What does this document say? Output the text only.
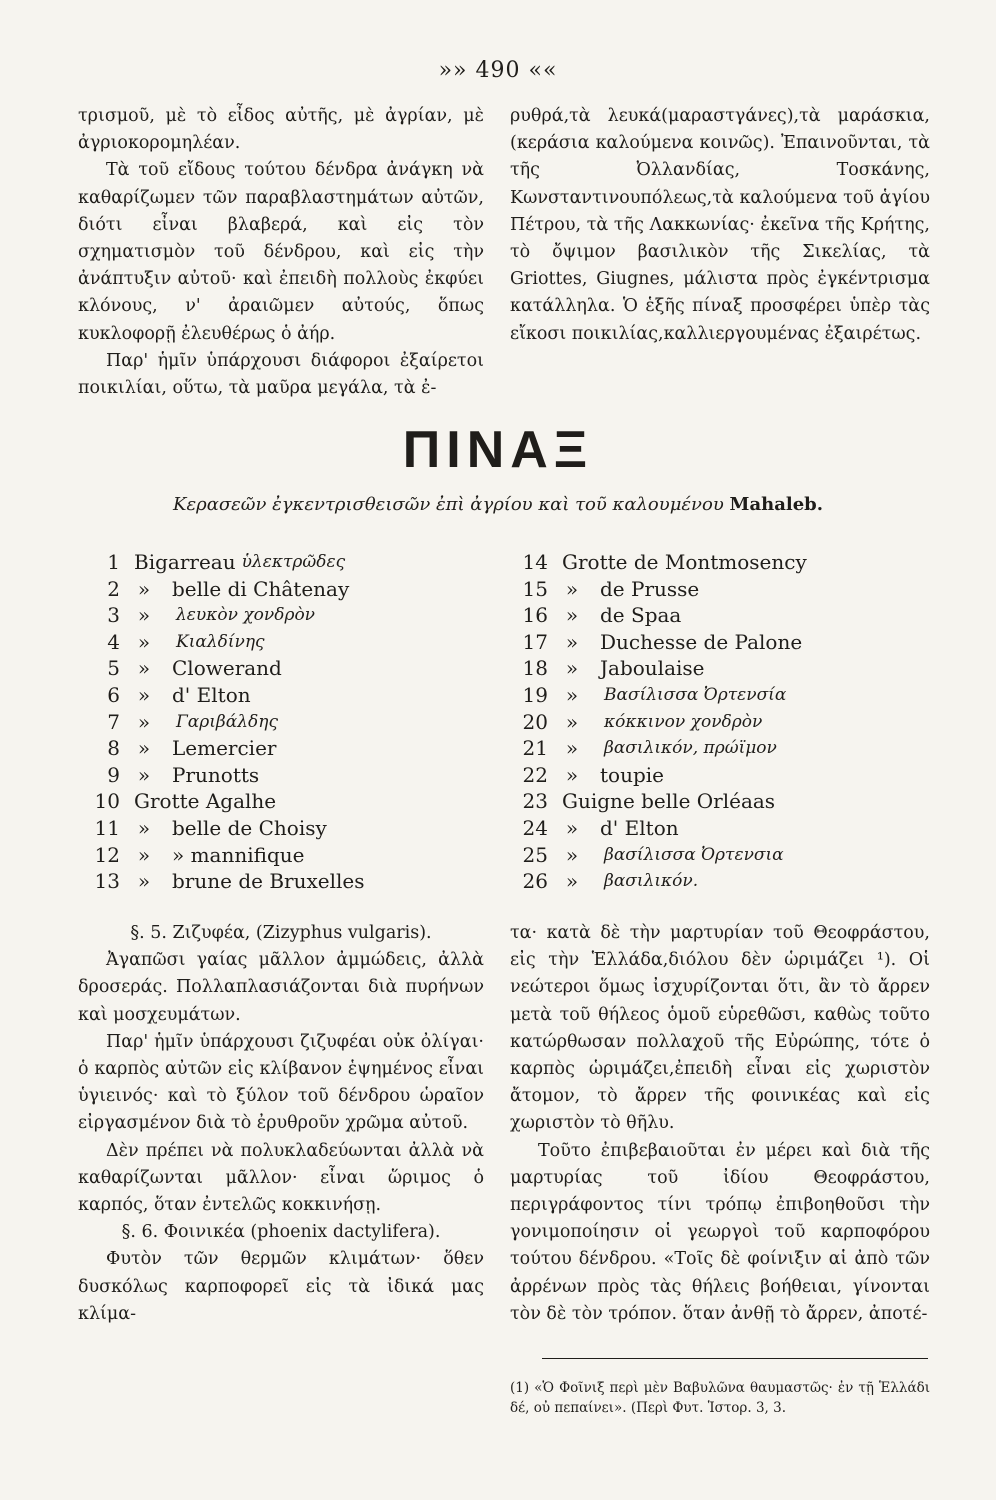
»» 490 ««

τρισμοῦ, μὲ τὸ εἶδος αὐτῆς, μὲ ἀγρίαν, μὲ ἀγριοκορομηλέαν.

Τὰ τοῦ εἴδους τούτου δένδρα ἀνάγκη νὰ καθαρίζωμεν τῶν παραβλαστημάτων αὐτῶν, διότι εἶναι βλαβερά, καὶ εἰς τὸν σχηματισμὸν τοῦ δένδρου, καὶ εἰς τὴν ἀνάπτυξιν αὐτοῦ· καὶ ἐπειδὴ πολλοὺς ἐκφύει κλόνους, ν' ἀραιῶμεν αὐτούς, ὅπως κυκλοφορῇ ἐλευθέρως ὁ ἀήρ.

Παρ' ἡμῖν ὑπάρχουσι διάφοροι ἐξαίρετοι ποικιλίαι, οὕτω, τὰ μαῦρα μεγάλα, τὰ ἐ-

ρυθρά,τὰ λευκά(μαραστγάνες),τὰ μαράσκια, (κεράσια καλούμενα κοινῶς). Ἐπαινοῦνται, τὰ τῆς Ὀλλανδίας, Τοσκάνης, Κωνσταντινουπόλεως,τὰ καλούμενα τοῦ ἁγίου Πέτρου, τὰ τῆς Λακκωνίας· ἐκεῖνα τῆς Κρήτης, τὸ ὄψιμον βασιλικὸν τῆς Σικελίας, τὰ Griottes, Giugnes, μάλιστα πρὸς ἐγκέντρισμα κατάλληλα. Ὁ ἑξῆς πίναξ προσφέρει ὑπὲρ τὰς εἴκοσι ποικιλίας,καλλιεργουμένας ἐξαιρέτως.

ΠΙΝΑΞ
Κερασεῶν ἐγκεντρισθεισῶν ἐπὶ ἀγρίου καὶ τοῦ καλουμένου Mahaleb.
1 Bigarreau ὑλεκτρῶδες
2 »	belle di Châtenay
3 »	λευκὸν χονδρὸν
4 »	Κιαλδίνης
5 »	Clowerand
6 »	d' Elton
7 »	Γαριβάλδης
8 »	Lemercier
9 »	Prunotts
10 Grotte Agalhe
11 »	belle de Choisy
12 »	» mannifique
13 »	brune de Bruxelles
14 Grotte de Montmosency
15 »	de Prusse
16 »	de Spaa
17 »	Duchesse de Palone
18 »	Jaboulaise
19 »	Βασίλισσα Ὀρτενσία
20 »	κόκκινον χονδρὸν
21 »	βασιλικόν, πρώϊμον
22 »	toupie
23 Guigne belle Orléaas
24 »	d' Elton
25 »	βασίλισσα Ὀρτενσια
26 »	βασιλικόν.

§. 5. Ζιζυφέα, (Zizyphus vulgaris).

Ἀγαπῶσι γαίας μᾶλλον ἀμμώδεις, ἀλλὰ δροσεράς. Πολλαπλασιάζονται διὰ πυρήνων καὶ μοσχευμάτων.

Παρ' ἡμῖν ὑπάρχουσι ζιζυφέαι οὐκ ὀλίγαι· ὁ καρπὸς αὐτῶν εἰς κλίβανον ἑψημένος εἶναι ὑγιεινός· καὶ τὸ ξύλον τοῦ δένδρου ὡραῖον εἰργασμένον διὰ τὸ ἐρυθροῦν χρῶμα αὐτοῦ.

Δὲν πρέπει νὰ πολυκλαδεύωνται ἀλλὰ νὰ καθαρίζωνται μᾶλλον· εἶναι ὥριμος ὁ καρπός, ὅταν ἐντελῶς κοκκινήσῃ.

§. 6. Φοινικέα (phoenix dactylifera).

Φυτὸν τῶν θερμῶν κλιμάτων· ὅθεν δυσκόλως καρποφορεῖ εἰς τὰ ἰδικά μας κλίμα-

τα· κατὰ δὲ τὴν μαρτυρίαν τοῦ Θεοφράστου, εἰς τὴν Ἑλλάδα,διόλου δὲν ὡριμάζει ¹). Οἱ νεώτεροι ὅμως ἰσχυρίζονται ὅτι, ἂν τὸ ἄρρεν μετὰ τοῦ θήλεος ὁμοῦ εὑρεθῶσι, καθὼς τοῦτο κατώρθωσαν πολλαχοῦ τῆς Εὐρώπης, τότε ὁ καρπὸς ὡριμάζει,ἐπειδὴ εἶναι εἰς χωριστὸν ἄτομον, τὸ ἄρρεν τῆς φοινικέας καὶ εἰς χωριστὸν τὸ θῆλυ.

Τοῦτο ἐπιβεβαιοῦται ἐν μέρει καὶ διὰ τῆς μαρτυρίας τοῦ ἰδίου Θεοφράστου, περιγράφοντος τίνι τρόπῳ ἐπιβοηθοῦσι τὴν γονιμοποίησιν οἱ γεωργοὶ τοῦ καρποφόρου τούτου δένδρου. «Τοῖς δὲ φοίνιξιν αἱ ἀπὸ τῶν ἀρρένων πρὸς τὰς θήλεις βοήθειαι, γίνονται τὸν δὲ τὸν τρόπον. ὅταν ἀνθῇ τὸ ἄρρεν, ἀποτέ-

(1) «Ὁ Φοῖνιξ περὶ μὲν Βαβυλῶνα θαυμαστῶς· ἐν τῇ Ἑλλάδι δέ, οὐ πεπαίνει». (Περὶ Φυτ. Ἱστορ. 3, 3.
